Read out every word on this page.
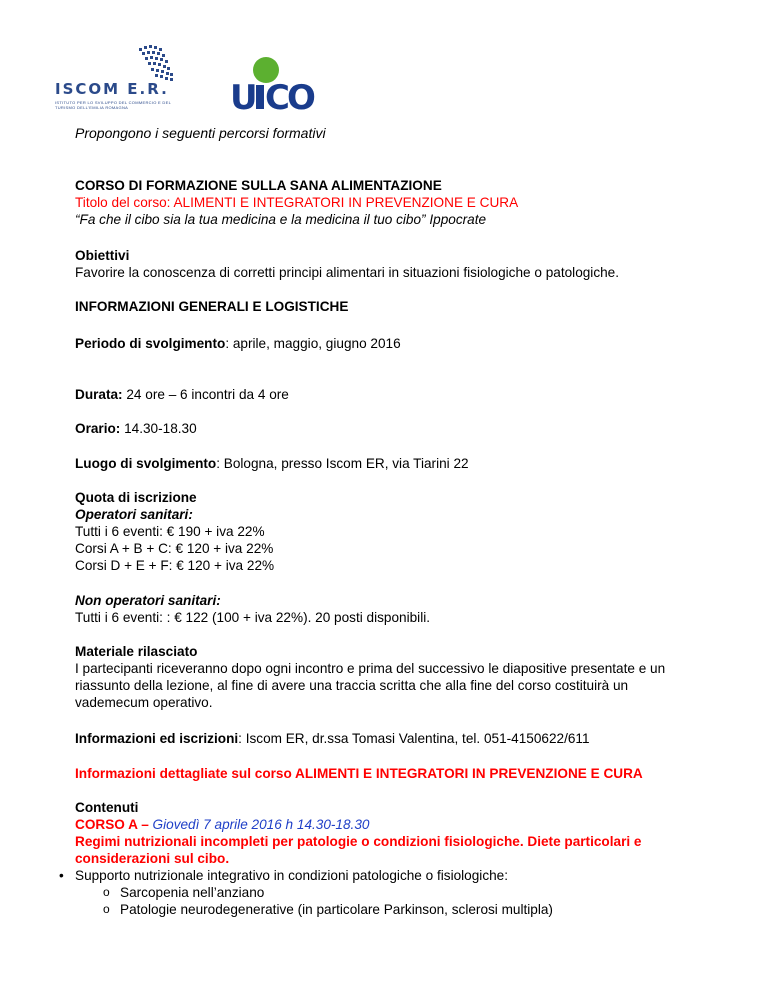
ISCOM E.R.
ISTITUTO PER LO SVILUPPO DEL COMMERCIO E DEL TURISMO DELL'EMILIA ROMAGNA	U CO

Propongono i seguenti percorsi formativi

CORSO DI FORMAZIONE SULLA SANA ALIMENTAZIONE

Titolo del corso: ALIMENTI E INTEGRATORI IN PREVENZIONE E CURA

“Fa che il cibo sia la tua medicina e la medicina il tuo cibo” Ippocrate

Obiettivi

Favorire la conoscenza di corretti principi alimentari in situazioni fisiologiche o patologiche.

INFORMAZIONI GENERALI E LOGISTICHE

Periodo di svolgimento: aprile, maggio, giugno 2016

Durata: 24 ore – 6 incontri da 4 ore

Orario: 14.30-18.30

Luogo di svolgimento: Bologna, presso Iscom ER, via Tiarini 22

Quota di iscrizione

Operatori sanitari:

Tutti i 6 eventi: € 190 + iva 22%

Corsi A + B + C: € 120 + iva 22%

Corsi D + E + F: € 120 + iva 22%

Non operatori sanitari:

Tutti i 6 eventi: : € 122 (100 + iva 22%). 20 posti disponibili.

Materiale rilasciato

I partecipanti riceveranno dopo ogni incontro e prima del successivo le diapositive presentate e un

riassunto della lezione, al fine di avere una traccia scritta che alla fine del corso costituirà un

vademecum operativo.

Informazioni ed iscrizioni: Iscom ER, dr.ssa Tomasi Valentina, tel. 051-4150622/611

Informazioni dettagliate sul corso ALIMENTI E INTEGRATORI IN PREVENZIONE E CURA

Contenuti

CORSO A – Giovedì 7 aprile 2016 h 14.30-18.30

Regimi nutrizionali incompleti per patologie o condizioni fisiologiche. Diete particolari e

considerazioni sul cibo.

• Supporto nutrizionale integrativo in condizioni patologiche o fisiologiche:
o Sarcopenia nell’anziano
o Patologie neurodegenerative (in particolare Parkinson, sclerosi multipla)
